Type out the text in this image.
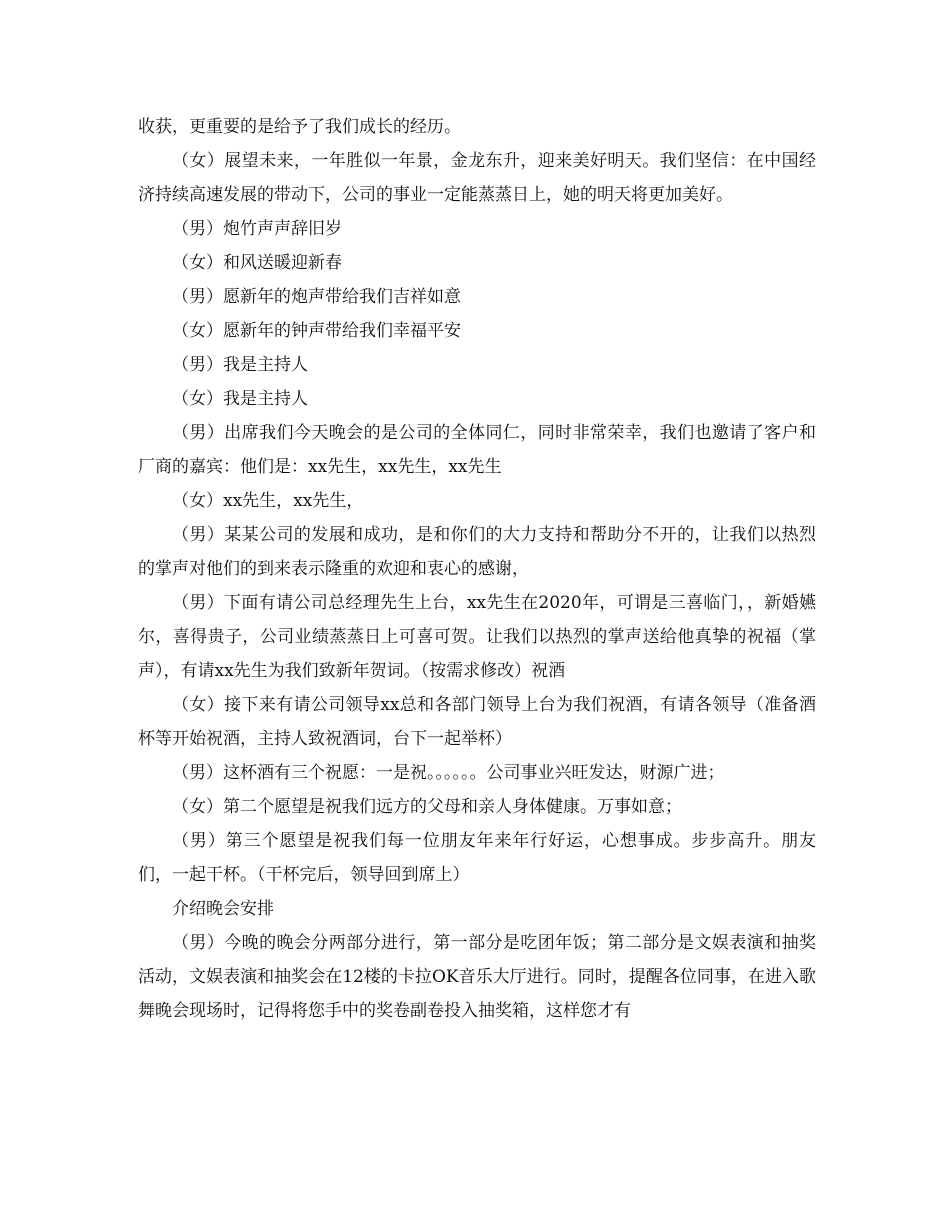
收获，更重要的是给予了我们成长的经历。

（女）展望未来，一年胜似一年景，金龙东升，迎来美好明天。我们坚信：在中国经济持续高速发展的带动下，公司的事业一定能蒸蒸日上，她的明天将更加美好。

（男）炮竹声声辞旧岁

（女）和风送暖迎新春

（男）愿新年的炮声带给我们吉祥如意

（女）愿新年的钟声带给我们幸福平安

（男）我是主持人

（女）我是主持人

（男）出席我们今天晚会的是公司的全体同仁，同时非常荣幸，我们也邀请了客户和厂商的嘉宾：他们是：xx先生，xx先生，xx先生

（女）xx先生，xx先生，

（男）某某公司的发展和成功，是和你们的大力支持和帮助分不开的，让我们以热烈的掌声对他们的到来表示隆重的欢迎和衷心的感谢，

（男）下面有请公司总经理先生上台，xx先生在2020年，可谓是三喜临门，，新婚嬿尔，喜得贵子，公司业绩蒸蒸日上可喜可贺。让我们以热烈的掌声送给他真挚的祝福（掌声），有请xx先生为我们致新年贺词。（按需求修改）祝酒

（女）接下来有请公司领导xx总和各部门领导上台为我们祝酒，有请各领导（准备酒杯等开始祝酒，主持人致祝酒词，台下一起举杯）

（男）这杯酒有三个祝愿：一是祝。。。。。。公司事业兴旺发达，财源广进；

（女）第二个愿望是祝我们远方的父母和亲人身体健康。万事如意；

（男）第三个愿望是祝我们每一位朋友年来年行好运，心想事成。步步高升。朋友们，一起干杯。（干杯完后，领导回到席上）

介绍晚会安排

（男）今晚的晚会分两部分进行，第一部分是吃团年饭；第二部分是文娱表演和抽奖活动，文娱表演和抽奖会在12楼的卡拉OK音乐大厅进行。同时，提醒各位同事，在进入歌舞晚会现场时，记得将您手中的奖卷副卷投入抽奖箱，这样您才有
